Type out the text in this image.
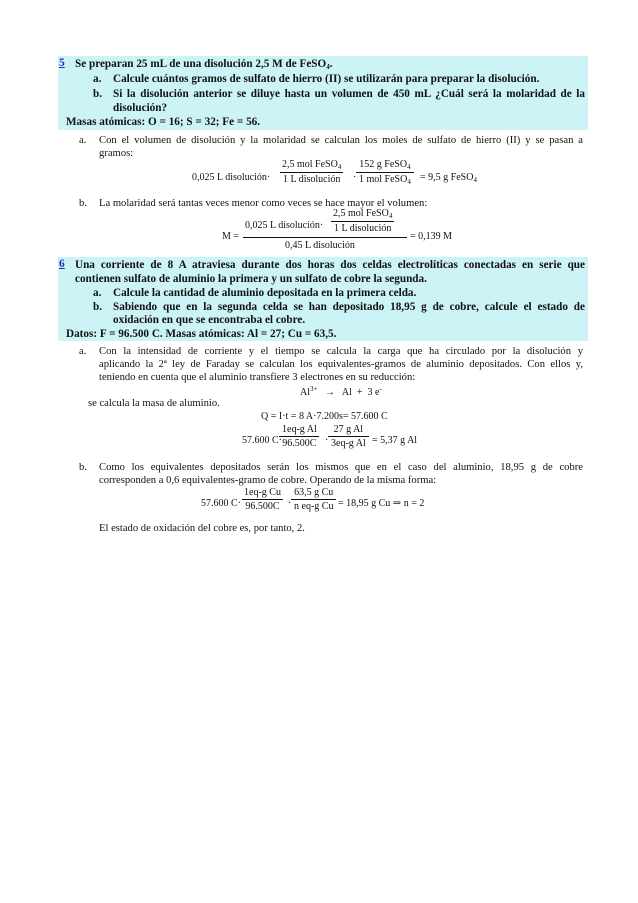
5 Se preparan 25 mL de una disolución 2,5 M de FeSO$_4$.
a. Calcule cuántos gramos de sulfato de hierro (II) se utilizarán para preparar la disolución.
b. Si la disolución anterior se diluye hasta un volumen de 450 mL ¿Cuál será la molaridad de la
disolución?
Masas atómicas: O = 16; S = 32; Fe = 56.
a. Con el volumen de disolución y la molaridad se calculan los moles de sulfato de hierro (II) y se pasan a
gramos:
0,025 L disolución·
2,5 mol FeSO$_4$
1 L disolución	·
152 g FeSO$_4$
1 mol FeSO$_4$ = 9,5 g FeSO$_4$
b. La molaridad será tantas veces menor como veces se hace mayor el volumen:
M =
0,025 L disolución·
2,5 mol FeSO$_4$
1 L disolución
0,45 L disolución
= 0,139 M
6 Una corriente de 8 A atraviesa durante dos horas dos celdas electrolíticas conectadas en serie que
contienen sulfato de aluminio la primera y un sulfato de cobre la segunda.
a. Calcule la cantidad de aluminio depositada en la primera celda.
b. Sabiendo que en la segunda celda se han depositado 18,95 g de cobre, calcule el estado de
oxidación en que se encontraba el cobre.
Datos: F = 96.500 C. Masas atómicas: Al = 27; Cu = 63,5.
a. Con la intensidad de corriente y el tiempo se calcula la carga que ha circulado por la disolución y
aplicando la 2ª ley de Faraday se calculan los equivalentes-gramos de aluminio depositados. Con ellos y,
teniendo en cuenta que el aluminio transfiere 3 electrones en su reducción:
$Al^{3+} \to Al + 3$ e-
se calcula la masa de aluminio.
Q = I·t = 8 A·7.200s= 57.600 C
57.600 C·
$\frac{\text{1eq-g Al}}{96.500C} \cdot \frac{\text{27 g Al}}{\text{3eq-g Al}} = 5,37$ g Al
b. Como los equivalentes depositados serán los mismos que en el caso del aluminio, 18,95 g de cobre
corresponden a 0,6 equivalentes-gramo de cobre. Operando de la misma forma:
57.600 $C\cdot \frac{\text{1eq-g Cu}}{96.500C} \cdot \frac{\text{63,5 g Cu}}{\text{n eq-g Cu}} = 18,95$ g Cu ⇒ n = 2
El estado de oxidación del cobre es, por tanto, 2.
